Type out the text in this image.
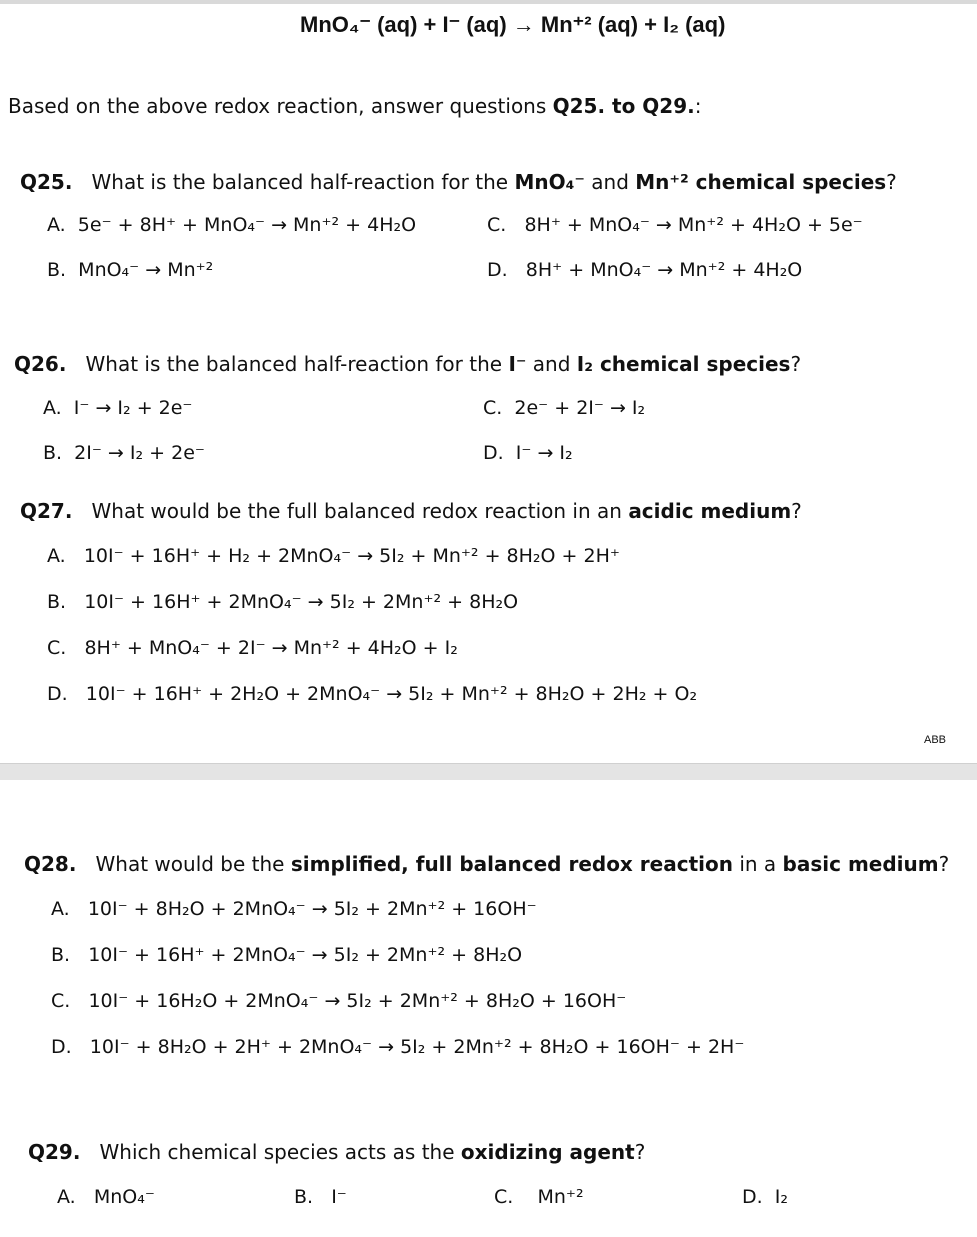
MnO₄⁻ (aq) + I⁻ (aq) → Mn⁺² (aq) + I₂ (aq)
Based on the above redox reaction, answer questions Q25. to Q29.:
Q25. What is the balanced half-reaction for the MnO₄⁻ and Mn⁺² chemical species?
A. 5e⁻ + 8H⁺ + MnO₄⁻ → Mn⁺² + 4H₂O	C. 8H⁺ + MnO₄⁻ → Mn⁺² + 4H₂O + 5e⁻
B. MnO₄⁻ → Mn⁺²	D. 8H⁺ + MnO₄⁻ → Mn⁺² + 4H₂O
Q26. What is the balanced half-reaction for the I⁻ and I₂ chemical species?
A. I⁻ → I₂ + 2e⁻	C. 2e⁻ + 2I⁻ → I₂
B. 2I⁻ → I₂ + 2e⁻	D. I⁻ → I₂
Q27. What would be the full balanced redox reaction in an acidic medium?
A. 10I⁻ + 16H⁺ + H₂ + 2MnO₄⁻ → 5I₂ + Mn⁺² + 8H₂O + 2H⁺
B. 10I⁻ + 16H⁺ + 2MnO₄⁻ → 5I₂ + 2Mn⁺² + 8H₂O
C. 8H⁺ + MnO₄⁻ + 2I⁻ → Mn⁺² + 4H₂O + I₂
D. 10I⁻ + 16H⁺ + 2H₂O + 2MnO₄⁻ → 5I₂ + Mn⁺² + 8H₂O + 2H₂ + O₂
ABB
Q28. What would be the simplified, full balanced redox reaction in a basic medium?
A. 10I⁻ + 8H₂O + 2MnO₄⁻ → 5I₂ + 2Mn⁺² + 16OH⁻
B. 10I⁻ + 16H⁺ + 2MnO₄⁻ → 5I₂ + 2Mn⁺² + 8H₂O
C. 10I⁻ + 16H₂O + 2MnO₄⁻ → 5I₂ + 2Mn⁺² + 8H₂O + 16OH⁻
D. 10I⁻ + 8H₂O + 2H⁺ + 2MnO₄⁻ → 5I₂ + 2Mn⁺² + 8H₂O + 16OH⁻ + 2H⁻
Q29. Which chemical species acts as the oxidizing agent?
A. MnO₄⁻	B. I⁻	C. Mn⁺²	D. I₂
